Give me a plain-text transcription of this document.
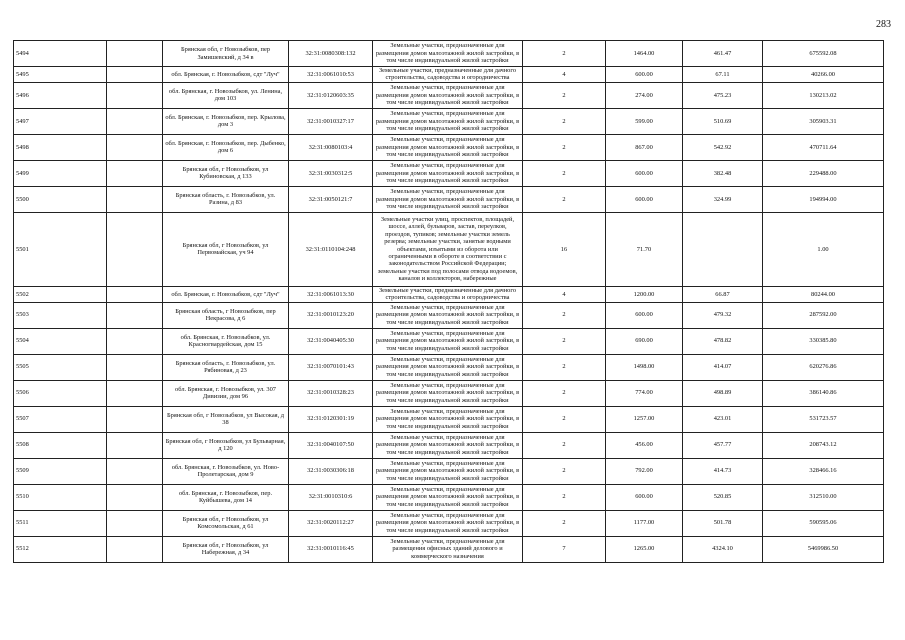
283
5494		Брянская обл, г Новозыбков, пер Замишевский, д 34 в	32:31:0080308:132	Земельные участки, предназначенные для размещения домов малоэтажной жилой застройки, в том числе индивидуальной жилой застройки	2	1464.00	461.47	675592.08
5495		обл. Брянская, г. Новозыбков, сдт "Луч"	32:31:0061010:53	Земельные участки, предназначенные для дачного строительства, садоводства и огородничества	4	600.00	67.11	40266.00
5496		обл. Брянская, г. Новозыбков, ул. Ленина, дом 103	32:31:0120603:35	Земельные участки, предназначенные для размещения домов малоэтажной жилой застройки, в том числе индивидуальной жилой застройки	2	274.00	475.23	130213.02
5497		обл. Брянская, г. Новозыбков, пер. Крылова, дом 3	32:31:0010327:17	Земельные участки, предназначенные для размещения домов малоэтажной жилой застройки, в том числе индивидуальной жилой застройки	2	599.00	510.69	305903.31
5498		обл. Брянская, г. Новозыбков, пер. Дыбенко, дом 6	32:31:0080103:4	Земельные участки, предназначенные для размещения домов малоэтажной жилой застройки, в том числе индивидуальной жилой застройки	2	867.00	542.92	470711.64
5499		Брянская обл, г Новозыбков, ул Кубиновская, д 133	32:31:0030312:5	Земельные участки, предназначенные для размещения домов малоэтажной жилой застройки, в том числе индивидуальной жилой застройки	2	600.00	382.48	229488.00
5500		Брянская область, г. Новозыбков, ул. Разина, д 83	32:31:0050121:7	Земельные участки, предназначенные для размещения домов малоэтажной жилой застройки, в том числе индивидуальной жилой застройки	2	600.00	324.99	194994.00
5501		Брянская обл, г Новозыбков, ул Первомайская, уч 94	32:31:0110104:248	Земельные участки улиц, проспектов, площадей, шоссе, аллей, бульваров, застав, переулков, проездов, тупиков; земельные участки земель резерва; земельные участки, занятые водными объектами, изъятыми из оборота или ограниченными в обороте в соответствии с законодательством Российской Федерации; земельные участки под полосами отвода водоемов, каналов и коллекторов, набережные	16	71.70		1.00
5502		обл. Брянская, г. Новозыбков, сдт "Луч"	32:31:0061013:30	Земельные участки, предназначенные для дачного строительства, садоводства и огородничества	4	1200.00	66.87	80244.00
5503		Брянская область, г Новозыбков, пер Некрасова, д 6	32:31:0010123:20	Земельные участки, предназначенные для размещения домов малоэтажной жилой застройки, в том числе индивидуальной жилой застройки	2	600.00	479.32	287592.00
5504		обл. Брянская, г. Новозыбков, ул. Красногвардейская, дом 15	32:31:0040405:30	Земельные участки, предназначенные для размещения домов малоэтажной жилой застройки, в том числе индивидуальной жилой застройки	2	690.00	478.82	330385.80
5505		Брянская область, г. Новозыбков, ул. Рябиновая, д 23	32:31:0070101:43	Земельные участки, предназначенные для размещения домов малоэтажной жилой застройки, в том числе индивидуальной жилой застройки	2	1498.00	414.07	620276.86
5506		обл. Брянская, г. Новозыбков, ул. 307 Дивизии, дом 96	32:31:0010328:23	Земельные участки, предназначенные для размещения домов малоэтажной жилой застройки, в том числе индивидуальной жилой застройки	2	774.00	498.89	386140.86
5507		Брянская обл, г Новозыбков, ул Высокая, д 38	32:31:0120301:19	Земельные участки, предназначенные для размещения домов малоэтажной жилой застройки, в том числе индивидуальной жилой застройки	2	1257.00	423.01	531723.57
5508		Брянская обл, г Новозыбков, ул Бульварная, д 120	32:31:0040107:50	Земельные участки, предназначенные для размещения домов малоэтажной жилой застройки, в том числе индивидуальной жилой застройки	2	456.00	457.77	208743.12
5509		обл. Брянская, г. Новозыбков, ул. Ново-Пролетарская, дом 9	32:31:0030306:18	Земельные участки, предназначенные для размещения домов малоэтажной жилой застройки, в том числе индивидуальной жилой застройки	2	792.00	414.73	328466.16
5510		обл. Брянская, г. Новозыбков, пер. Куйбышева, дом 14	32:31:0010310:6	Земельные участки, предназначенные для размещения домов малоэтажной жилой застройки, в том числе индивидуальной жилой застройки	2	600.00	520.85	312510.00
5511		Брянская обл, г Новозыбков, ул Комсомольская, д 61	32:31:0020112:27	Земельные участки, предназначенные для размещения домов малоэтажной жилой застройки, в том числе индивидуальной жилой застройки	2	1177.00	501.78	590595.06
5512		Брянская обл, г Новозыбков, ул Набережная, д 34	32:31:0010116:45	Земельные участки, предназначенные для размещения офисных зданий делового и коммерческого назначения	7	1265.00	4324.10	5469986.50
